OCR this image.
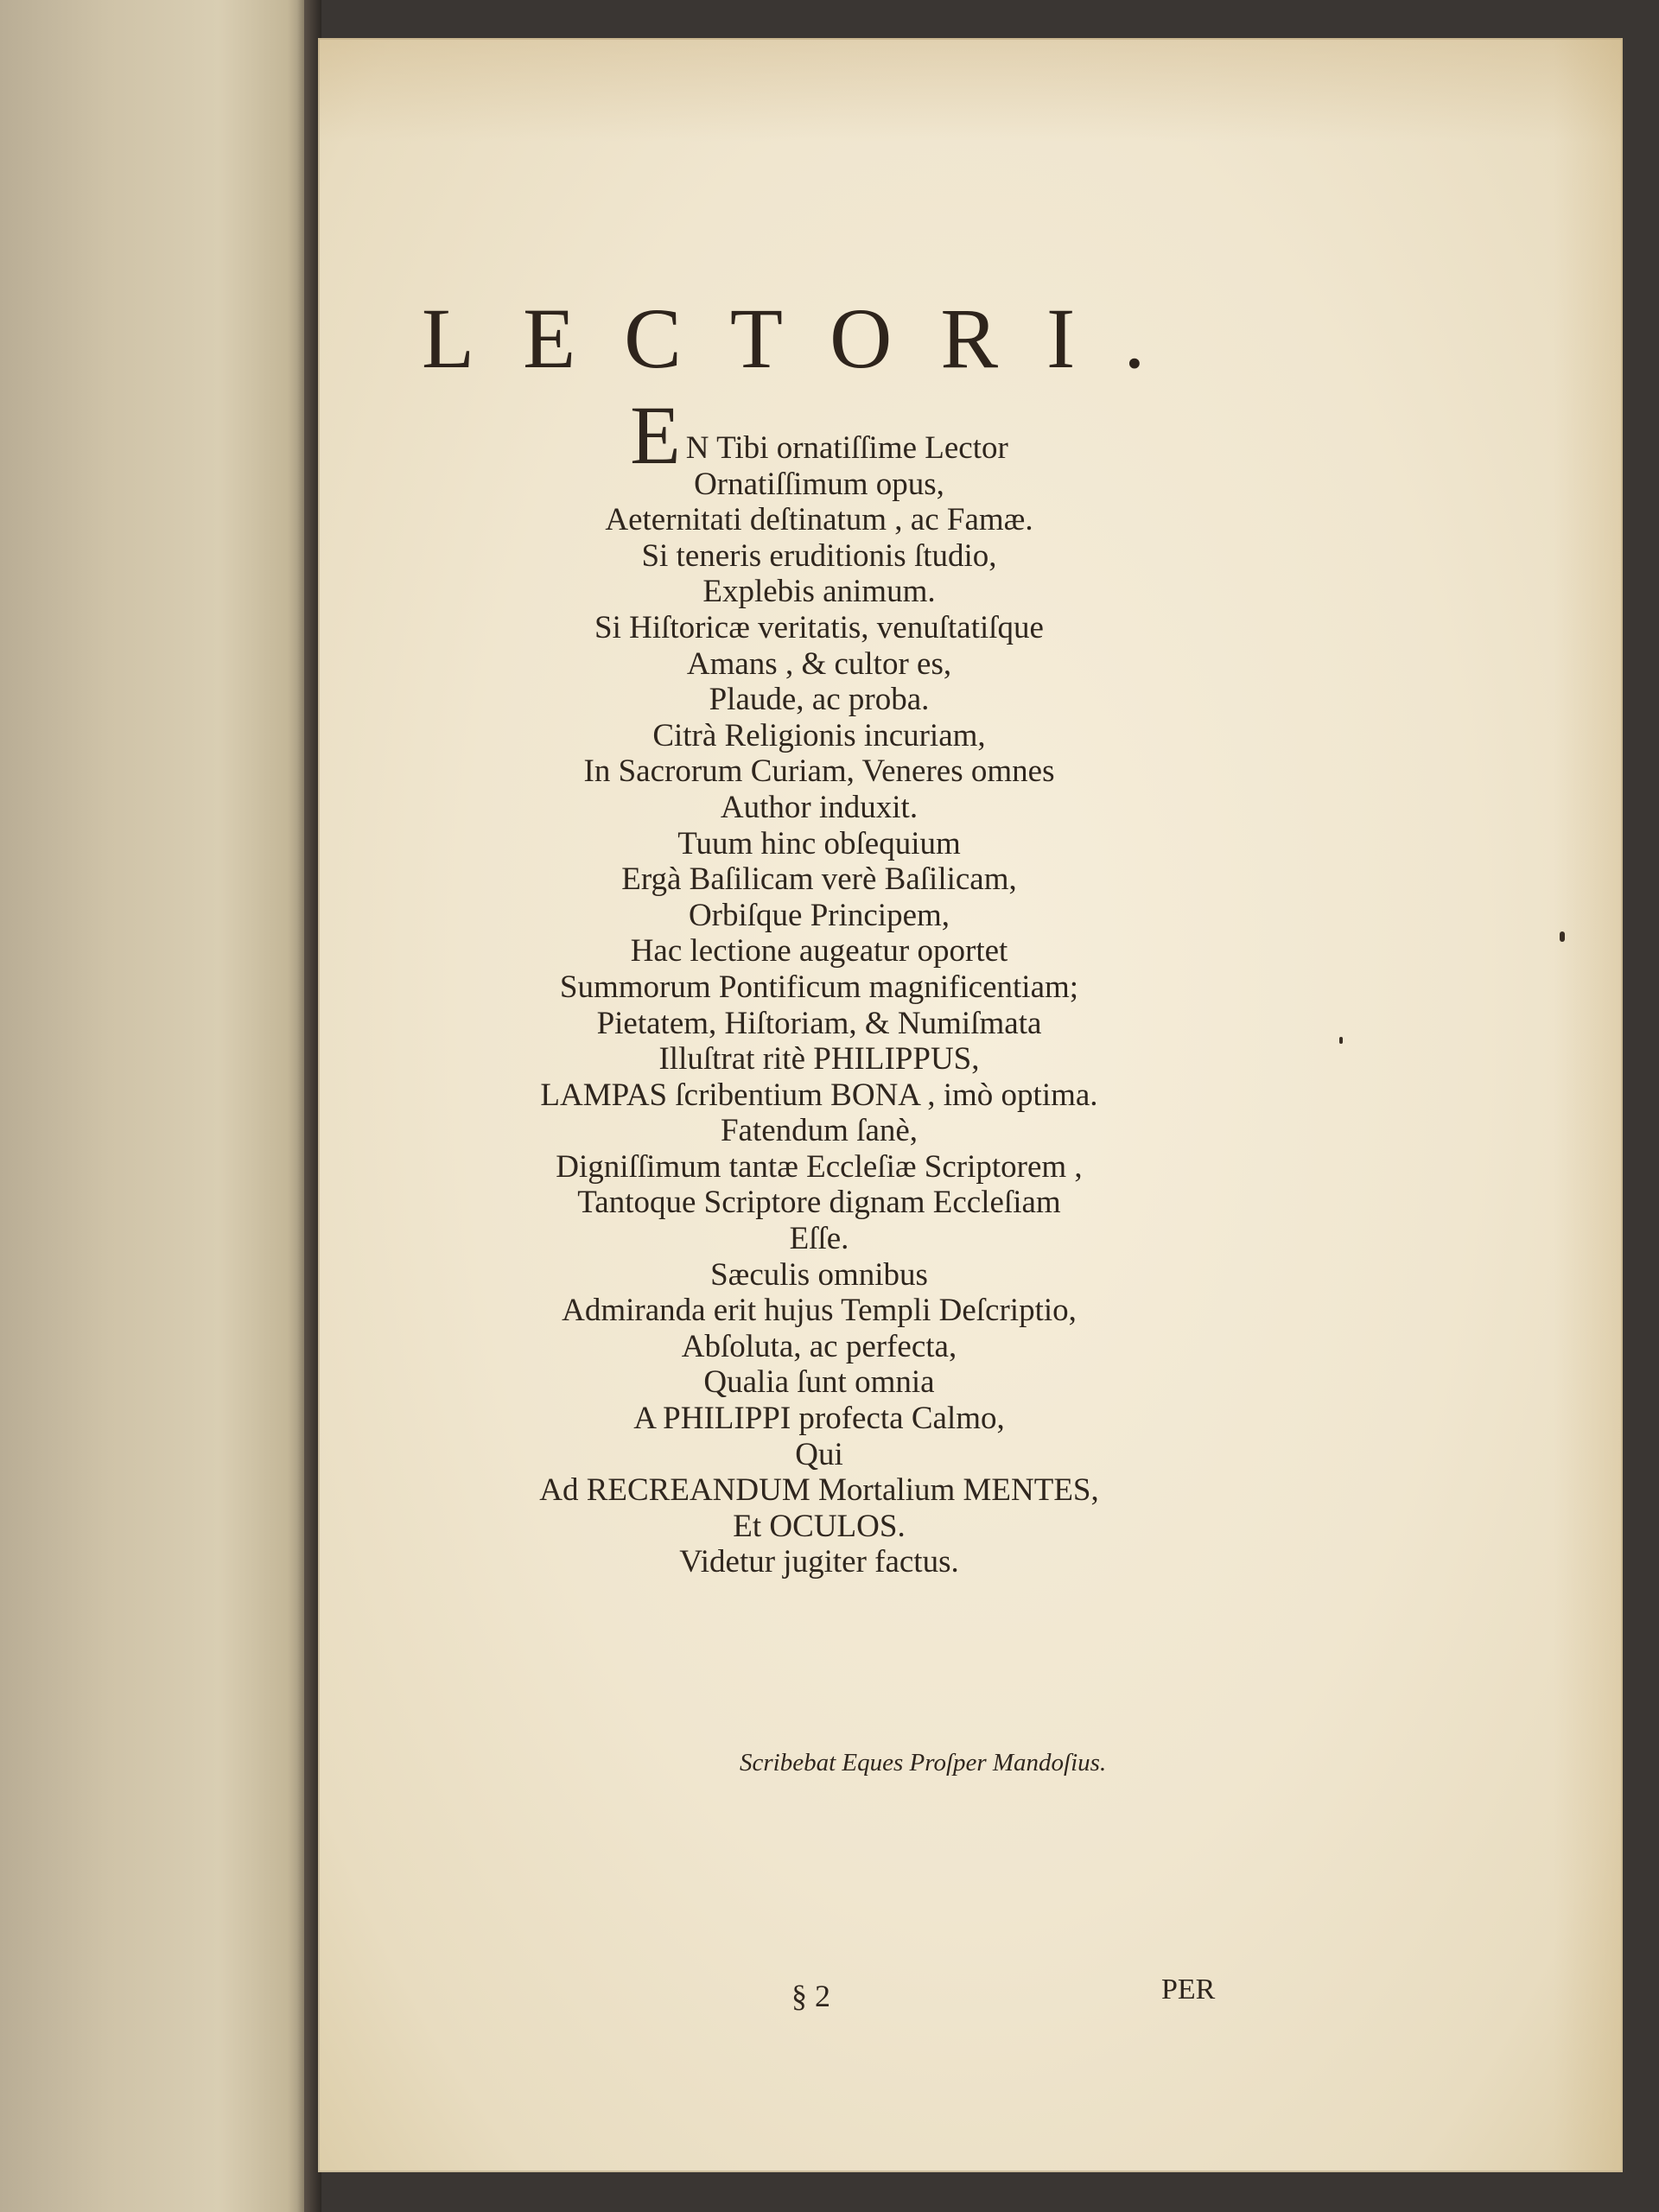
LECTORI.
E N Tibi ornatiſſime Lector
Ornatiſſimum opus,
Aeternitati deſtinatum , ac Famæ.
Si teneris eruditionis ſtudio,
Explebis animum.
Si Hiſtoricæ veritatis, venuſtatiſque
Amans , & cultor es,
Plaude, ac proba.
Citrà Religionis incuriam,
In Sacrorum Curiam, Veneres omnes
Author induxit.
Tuum hinc obſequium
Ergà Baſilicam verè Baſilicam,
Orbiſque Principem,
Hac lectione augeatur oportet
Summorum Pontificum magnificentiam;
Pietatem, Hiſtoriam, & Numiſmata
Illuſtrat ritè PHILIPPUS,
LAMPAS ſcribentium BONA , imò optima.
Fatendum ſanè,
Digniſſimum tantæ Eccleſiæ Scriptorem ,
Tantoque Scriptore dignam Eccleſiam
Eſſe.
Sæculis omnibus
Admiranda erit hujus Templi Deſcriptio,
Abſoluta, ac perfecta,
Qualia ſunt omnia
A PHILIPPI profecta Calmo,
Qui
Ad RECREANDUM Mortalium MENTES,
Et OCULOS.
Videtur jugiter factus.
Scribebat Eques Proſper Mandoſius.
§ 2	PER
